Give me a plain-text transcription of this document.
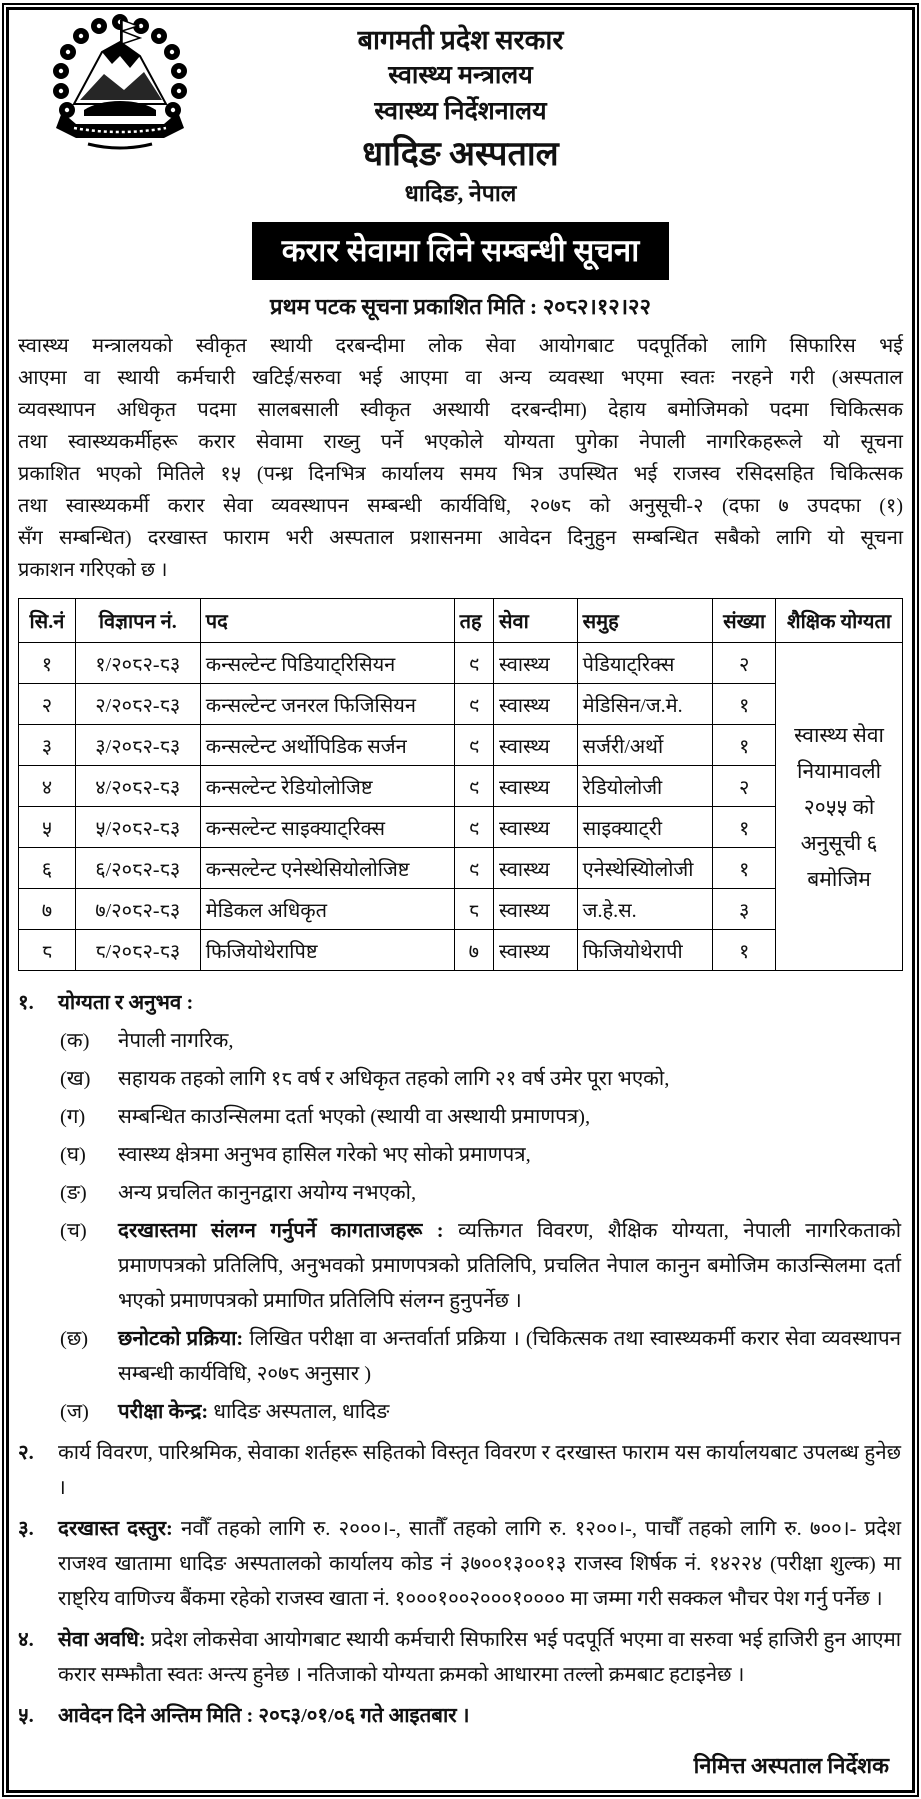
बागमती प्रदेश सरकार
स्वास्थ्य मन्त्रालय
स्वास्थ्य निर्देशनालय
धादिङ अस्पताल
धादिङ, नेपाल
करार सेवामा लिने सम्बन्धी सूचना
प्रथम पटक सूचना प्रकाशित मिति : २०८२।१२।२२
स्वास्थ्य मन्त्रालयको स्वीकृत स्थायी दरबन्दीमा लोक सेवा आयोगबाट पदपूर्तिको लागि सिफारिस भई
आएमा वा स्थायी कर्मचारी खटिई/सरुवा भई आएमा वा अन्य व्यवस्था भएमा स्वतः नरहने गरी (अस्पताल
व्यवस्थापन अधिकृत पदमा सालबसाली स्वीकृत अस्थायी दरबन्दीमा) देहाय बमोजिमको पदमा चिकित्सक
तथा स्वास्थ्यकर्मीहरू करार सेवामा राख्नु पर्ने भएकोले योग्यता पुगेका नेपाली नागरिकहरूले यो सूचना
प्रकाशित भएको मितिले १५ (पन्ध्र दिनभित्र कार्यालय समय भित्र उपस्थित भई राजस्व रसिदसहित चिकित्सक
तथा स्वास्थ्यकर्मी करार सेवा व्यवस्थापन सम्बन्धी कार्यविधि, २०७८ को अनुसूची-२ (दफा ७ उपदफा (१)
सँग सम्बन्धित) दरखास्त फाराम भरी अस्पताल प्रशासनमा आवेदन दिनुहुन सम्बन्धित सबैको लागि यो सूचना
प्रकाशन गरिएको छ ।
सि.नं	विज्ञापन नं.	पद	तह	सेवा	समुह	संख्या	शैक्षिक योग्यता
१	१/२०८२-८३	कन्सल्टेन्ट पिडियाट्रिसियन	९	स्वास्थ्य	पेडियाट्रिक्स	२	स्वास्थ्य सेवा नियामावली २०५५ को अनुसूची ६ बमोजिम
२	२/२०८२-८३	कन्सल्टेन्ट जनरल फिजिसियन	९	स्वास्थ्य	मेडिसिन/ज.मे.	१	
३	३/२०८२-८३	कन्सल्टेन्ट अर्थोपिडिक सर्जन	९	स्वास्थ्य	सर्जरी/अर्थो	१	
४	४/२०८२-८३	कन्सल्टेन्ट रेडियोलोजिष्ट	९	स्वास्थ्य	रेडियोलोजी	२	
५	५/२०८२-८३	कन्सल्टेन्ट साइक्याट्रिक्स	९	स्वास्थ्य	साइक्याट्री	१	
६	६/२०८२-८३	कन्सल्टेन्ट एनेस्थेसियोलोजिष्ट	९	स्वास्थ्य	एनेस्थेस्यिोलोजी	१	
७	७/२०८२-८३	मेडिकल अधिकृत	८	स्वास्थ्य	ज.हे.स.	३	
८	८/२०८२-८३	फिजियोथेरापिष्ट	७	स्वास्थ्य	फिजियोथेरापी	१	
१.	योग्यता र अनुभव :
(क)	नेपाली नागरिक,
(ख)	सहायक तहको लागि १८ वर्ष र अधिकृत तहको लागि २१ वर्ष उमेर पूरा भएको,
(ग)	सम्बन्धित काउन्सिलमा दर्ता भएको (स्थायी वा अस्थायी प्रमाणपत्र),
(घ)	स्वास्थ्य क्षेत्रमा अनुभव हासिल गरेको भए सोको प्रमाणपत्र,
(ङ)	अन्य प्रचलित कानुनद्वारा अयोग्य नभएको,
(च)	दरखास्तमा संलग्न गर्नुपर्ने कागताजहरू : व्यक्तिगत विवरण, शैक्षिक योग्यता, नेपाली नागरिकताको प्रमाणपत्रको प्रतिलिपि, अनुभवको प्रमाणपत्रको प्रतिलिपि, प्रचलित नेपाल कानुन बमोजिम काउन्सिलमा दर्ता भएको प्रमाणपत्रको प्रमाणित प्रतिलिपि संलग्न हुनुपर्नेछ ।
(छ)	छनोटको प्रक्रिया: लिखित परीक्षा वा अन्तर्वार्ता प्रक्रिया । (चिकित्सक तथा स्वास्थ्यकर्मी करार सेवा व्यवस्थापन सम्बन्धी कार्यविधि, २०७८ अनुसार )
(ज)	परीक्षा केन्द्र: धादिङ अस्पताल, धादिङ
२.	कार्य विवरण, पारिश्रमिक, सेवाका शर्तहरू सहितको विस्तृत विवरण र दरखास्त फाराम यस कार्यालयबाट उपलब्ध हुनेछ ।
३.	दरखास्त दस्तुर: नवौँ तहको लागि रु. २०००।-, सातौँ तहको लागि रु. १२००।-, पाचौँ तहको लागि रु. ७००।- प्रदेश राजश्व खातामा धादिङ अस्पतालको कार्यालय कोड नं ३७००१३००१३ राजस्व शिर्षक नं. १४२२४ (परीक्षा शुल्क) मा राष्ट्रिय वाणिज्य बैंकमा रहेको राजस्व खाता नं. १०००१००२०००१०००० मा जम्मा गरी सक्कल भौचर पेश गर्नु पर्नेछ ।
४.	सेवा अवधि: प्रदेश लोकसेवा आयोगबाट स्थायी कर्मचारी सिफारिस भई पदपूर्ति भएमा वा सरुवा भई हाजिरी हुन आएमा करार सम्झौता स्वतः अन्त्य हुनेछ । नतिजाको योग्यता क्रमको आधारमा तल्लो क्रमबाट हटाइनेछ ।
५.	आवेदन दिने अन्तिम मिति : २०८३/०१/०६ गते आइतबार ।
निमित्त अस्पताल निर्देशक
